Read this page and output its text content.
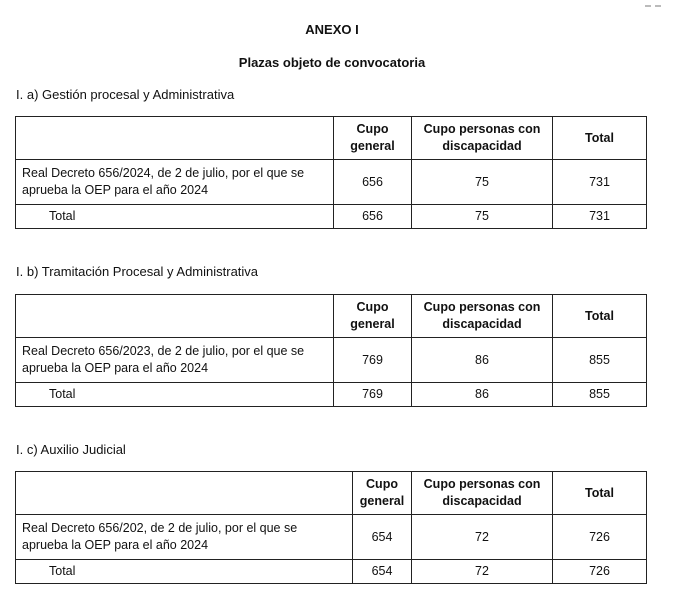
ANEXO I
Plazas objeto de convocatoria
I. a) Gestión procesal y Administrativa
	Cupo general	Cupo personas con discapacidad	Total
Real Decreto 656/2024, de 2 de julio, por el que se aprueba la OEP para el año 2024	656	75	731
Total	656	75	731
I. b) Tramitación Procesal y Administrativa
	Cupo general	Cupo personas con discapacidad	Total
Real Decreto 656/2023, de 2 de julio, por el que se aprueba la OEP para el año 2024	769	86	855
Total	769	86	855
I. c) Auxilio Judicial
	Cupo general	Cupo personas con discapacidad	Total
Real Decreto 656/202, de 2 de julio, por el que se aprueba la OEP para el año 2024	654	72	726
Total	654	72	726
